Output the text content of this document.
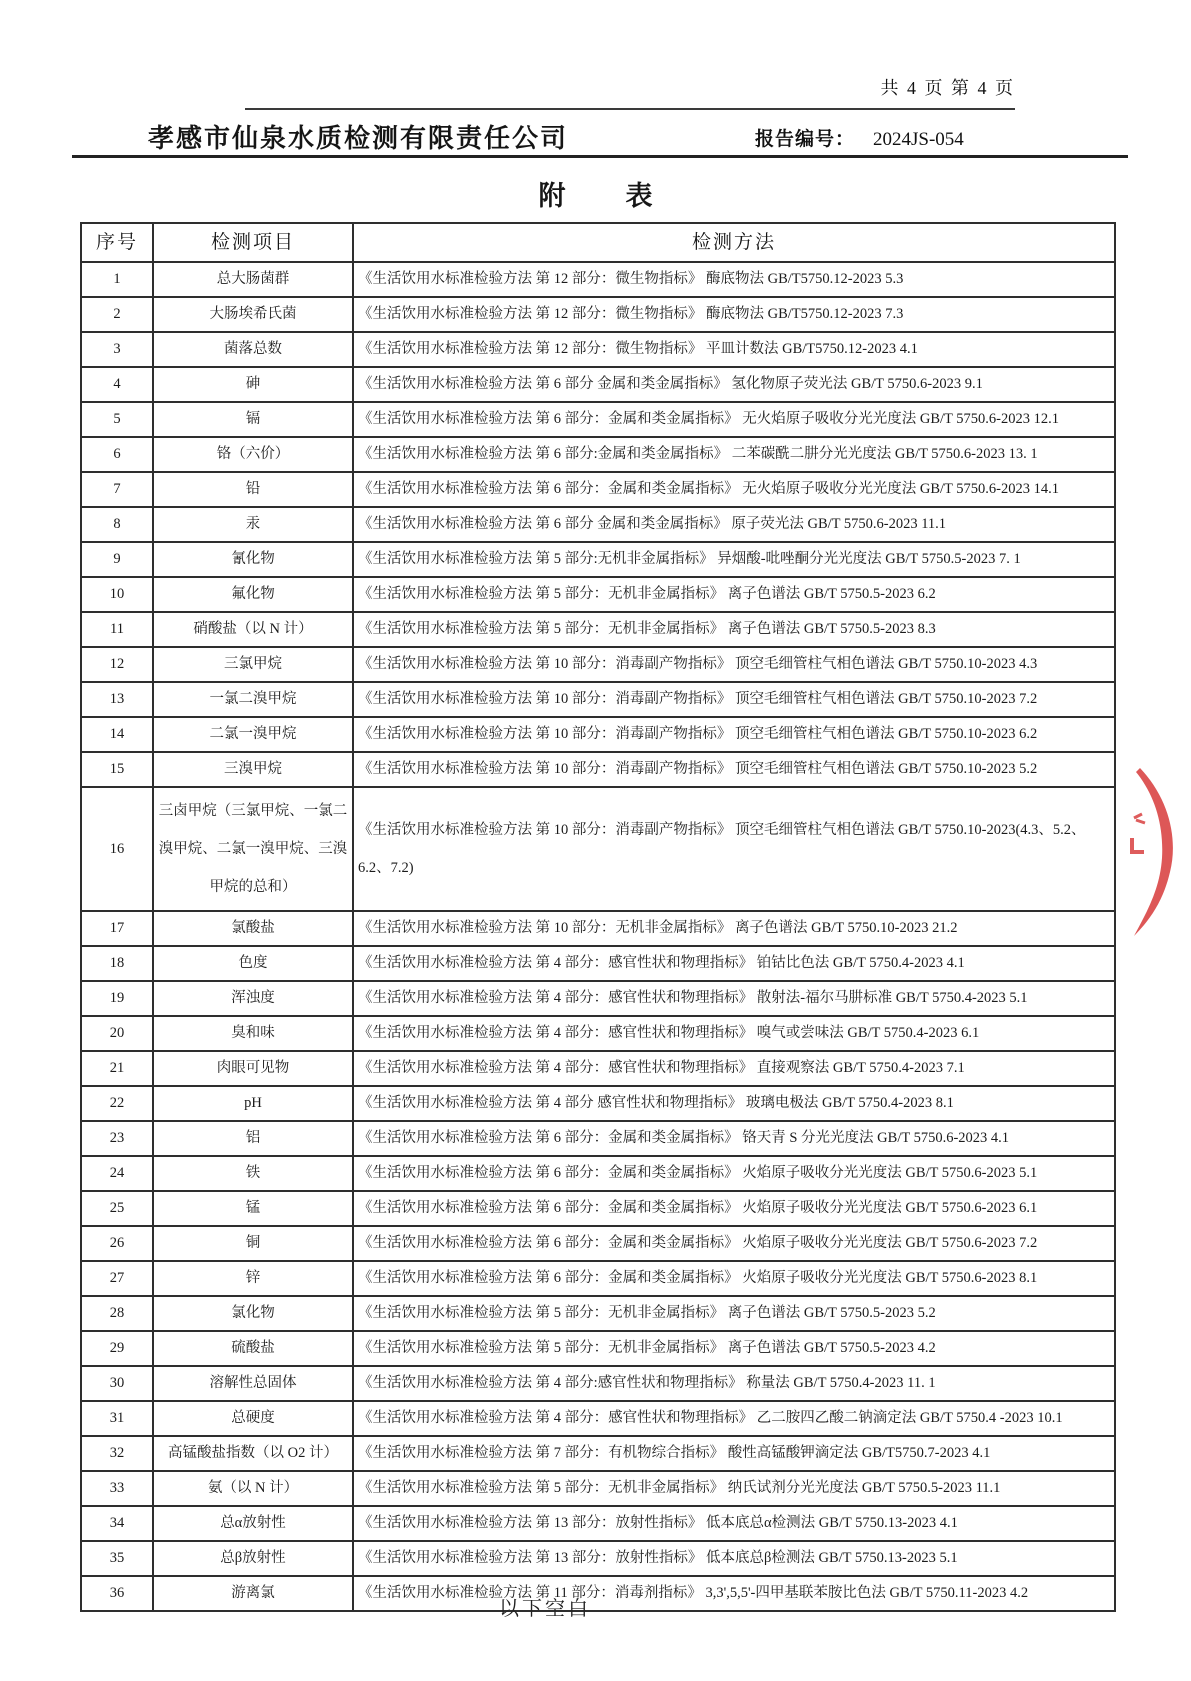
共 4 页 第 4 页
孝感市仙泉水质检测有限责任公司	报告编号： 2024JS-054
附        表
序号	检测项目	检测方法
1	总大肠菌群	《生活饮用水标准检验方法 第 12 部分：微生物指标》 酶底物法 GB/T5750.12-2023 5.3
2	大肠埃希氏菌	《生活饮用水标准检验方法 第 12 部分：微生物指标》 酶底物法 GB/T5750.12-2023 7.3
3	菌落总数	《生活饮用水标准检验方法 第 12 部分：微生物指标》 平皿计数法 GB/T5750.12-2023 4.1
4	砷	《生活饮用水标准检验方法 第 6 部分 金属和类金属指标》 氢化物原子荧光法 GB/T 5750.6-2023 9.1
5	镉	《生活饮用水标准检验方法 第 6 部分：金属和类金属指标》 无火焰原子吸收分光光度法 GB/T 5750.6-2023 12.1
6	铬（六价）	《生活饮用水标准检验方法 第 6 部分:金属和类金属指标》 二苯碳酰二肼分光光度法 GB/T 5750.6-2023 13. 1
7	铅	《生活饮用水标准检验方法 第 6 部分：金属和类金属指标》 无火焰原子吸收分光光度法 GB/T 5750.6-2023 14.1
8	汞	《生活饮用水标准检验方法 第 6 部分 金属和类金属指标》 原子荧光法 GB/T 5750.6-2023 11.1
9	氰化物	《生活饮用水标准检验方法 第 5 部分:无机非金属指标》 异烟酸-吡唑酮分光光度法 GB/T 5750.5-2023 7. 1
10	氟化物	《生活饮用水标准检验方法 第 5 部分：无机非金属指标》 离子色谱法 GB/T 5750.5-2023 6.2
11	硝酸盐（以 N 计）	《生活饮用水标准检验方法 第 5 部分：无机非金属指标》 离子色谱法 GB/T 5750.5-2023 8.3
12	三氯甲烷	《生活饮用水标准检验方法 第 10 部分：消毒副产物指标》 顶空毛细管柱气相色谱法 GB/T 5750.10-2023 4.3
13	一氯二溴甲烷	《生活饮用水标准检验方法 第 10 部分：消毒副产物指标》 顶空毛细管柱气相色谱法 GB/T 5750.10-2023 7.2
14	二氯一溴甲烷	《生活饮用水标准检验方法 第 10 部分：消毒副产物指标》 顶空毛细管柱气相色谱法 GB/T 5750.10-2023 6.2
15	三溴甲烷	《生活饮用水标准检验方法 第 10 部分：消毒副产物指标》 顶空毛细管柱气相色谱法 GB/T 5750.10-2023 5.2
16	三卤甲烷（三氯甲烷、一氯二溴甲烷、二氯一溴甲烷、三溴甲烷的总和）	《生活饮用水标准检验方法 第 10 部分：消毒副产物指标》 顶空毛细管柱气相色谱法 GB/T 5750.10-2023(4.3、5.2、6.2、7.2)
17	氯酸盐	《生活饮用水标准检验方法 第 10 部分：无机非金属指标》 离子色谱法 GB/T 5750.10-2023 21.2
18	色度	《生活饮用水标准检验方法 第 4 部分：感官性状和物理指标》 铂钴比色法 GB/T 5750.4-2023 4.1
19	浑浊度	《生活饮用水标准检验方法 第 4 部分：感官性状和物理指标》 散射法-福尔马肼标准 GB/T 5750.4-2023 5.1
20	臭和味	《生活饮用水标准检验方法 第 4 部分：感官性状和物理指标》 嗅气或尝味法 GB/T 5750.4-2023 6.1
21	肉眼可见物	《生活饮用水标准检验方法 第 4 部分：感官性状和物理指标》 直接观察法 GB/T 5750.4-2023 7.1
22	pH	《生活饮用水标准检验方法 第 4 部分 感官性状和物理指标》 玻璃电极法 GB/T 5750.4-2023 8.1
23	铝	《生活饮用水标准检验方法 第 6 部分：金属和类金属指标》 铬天青 S 分光光度法 GB/T 5750.6-2023 4.1
24	铁	《生活饮用水标准检验方法 第 6 部分：金属和类金属指标》 火焰原子吸收分光光度法 GB/T 5750.6-2023 5.1
25	锰	《生活饮用水标准检验方法 第 6 部分：金属和类金属指标》 火焰原子吸收分光光度法 GB/T 5750.6-2023 6.1
26	铜	《生活饮用水标准检验方法 第 6 部分：金属和类金属指标》 火焰原子吸收分光光度法 GB/T 5750.6-2023 7.2
27	锌	《生活饮用水标准检验方法 第 6 部分：金属和类金属指标》 火焰原子吸收分光光度法 GB/T 5750.6-2023 8.1
28	氯化物	《生活饮用水标准检验方法 第 5 部分：无机非金属指标》 离子色谱法 GB/T 5750.5-2023 5.2
29	硫酸盐	《生活饮用水标准检验方法 第 5 部分：无机非金属指标》 离子色谱法 GB/T 5750.5-2023 4.2
30	溶解性总固体	《生活饮用水标准检验方法 第 4 部分:感官性状和物理指标》 称量法 GB/T 5750.4-2023 11. 1
31	总硬度	《生活饮用水标准检验方法 第 4 部分：感官性状和物理指标》 乙二胺四乙酸二钠滴定法 GB/T 5750.4 -2023 10.1
32	高锰酸盐指数（以 O2 计）	《生活饮用水标准检验方法 第 7 部分：有机物综合指标》 酸性高锰酸钾滴定法 GB/T5750.7-2023 4.1
33	氨（以 N 计）	《生活饮用水标准检验方法 第 5 部分：无机非金属指标》 纳氏试剂分光光度法 GB/T 5750.5-2023 11.1
34	总α放射性	《生活饮用水标准检验方法 第 13 部分：放射性指标》 低本底总α检测法 GB/T 5750.13-2023 4.1
35	总β放射性	《生活饮用水标准检验方法 第 13 部分：放射性指标》 低本底总β检测法 GB/T 5750.13-2023 5.1
36	游离氯	《生活饮用水标准检验方法 第 11 部分：消毒剂指标》 3,3',5,5'-四甲基联苯胺比色法 GB/T 5750.11-2023 4.2
以下空白
